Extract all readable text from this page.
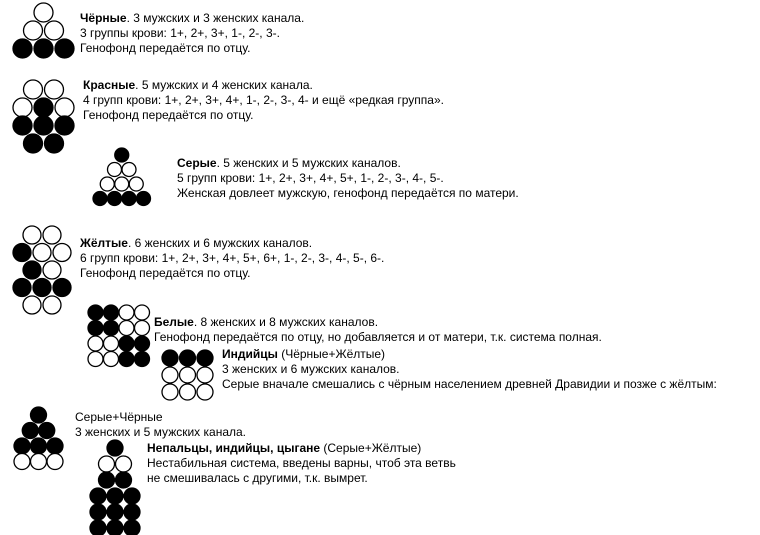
Чёрные. 3 мужских и 3 женских канала.
3 группы крови: 1+, 2+, 3+, 1-, 2-, 3-.
Генофонд передаётся по отцу.
Красные. 5 мужских и 4 женских канала.
4 групп крови: 1+, 2+, 3+, 4+, 1-, 2-, 3-, 4- и ещё «редкая группа».
Генофонд передаётся по отцу.
Серые. 5 женских и 5 мужских каналов.
5 групп крови: 1+, 2+, 3+, 4+, 5+, 1-, 2-, 3-, 4-, 5-.
Женская довлеет мужскую, генофонд передаётся по матери.
Жёлтые. 6 женских и 6 мужских каналов.
6 групп крови: 1+, 2+, 3+, 4+, 5+, 6+, 1-, 2-, 3-, 4-, 5-, 6-.
Генофонд передаётся по отцу.
Белые. 8 женских и 8 мужских каналов.
Генофонд передаётся по отцу, но добавляется и от матери, т.к. система полная.
Индийцы (Чёрные+Жёлтые)
3 женских и 6 мужских каналов.
Серые вначале смешались с чёрным населением древней Дравидии и позже с жёлтым:
Серые+Чёрные
3 женских и 5 мужских канала.
Непальцы, индийцы, цыгане (Серые+Жёлтые)
Нестабильная система, введены варны, чтоб эта ветвь
не смешивалась с другими, т.к. вымрет.
